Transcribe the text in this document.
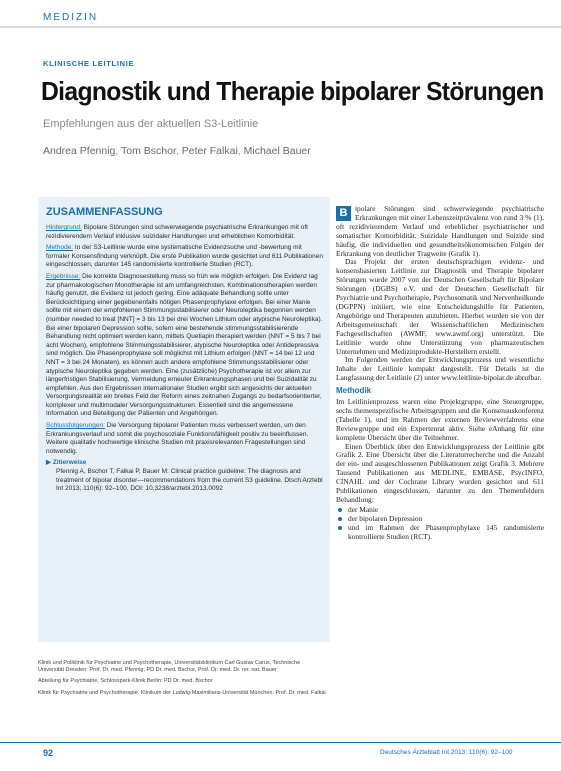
MEDIZIN
KLINISCHE LEITLINIE
Diagnostik und Therapie bipolarer Störungen
Empfehlungen aus der aktuellen S3-Leitlinie
Andrea Pfennig, Tom Bschor, Peter Falkai, Michael Bauer
ZUSAMMENFASSUNG

Hintergrund: Bipolare Störungen sind schwerwiegende psychiatrische Erkrankungen mit oft rezidivierendem Verlauf inklusive suizidaler Handlungen und erheblichen Komorbidität.

Methode: In der S3-Leitlinie wurde eine systematische Evidenzsuche und -bewertung mit formaler Konsensfindung verknüpft. Die erste Publikation wurde gesichtet und 611 Publikationen eingeschlossen, darunter 145 randomisierte kontrollierte Studien (RCT).

Ergebnisse: Die korrekte Diagnosestellung muss so früh wie möglich erfolgen. Die Evidenz lag zur pharmakologischen Monotherapie ist am umfangreichsten. Kombinationstherapien werden häufig genutzt, die Evidenz ist jedoch gering. Eine adäquate Behandlung sollte unter Berücksichtigung einer gegebenenfalls nötigen Phasenprophylaxe erfolgen. Bei einer Manie sollte mit einem der empfohlenen Stimmungsstabilisierer oder Neuroleptika begonnen werden (number needed to treat [NNT] = 3 bis 13 bei drei Wochen Lithium oder atypische Neuroleptika). Bei einer bipolaren Depression sollte, sofern eine bestehende stimmungsstabilisierende Behandlung nicht optimiert werden kann, mittels Quetiapin therapiert werden (NNT = 5 bis 7 bei acht Wochen), empfohlene Stimmungsstabilisierer, atypische Neuroleptika oder Antidepressiva sind möglich. Die Phasenprophylaxe soll möglichst mit Lithium erfolgen (NNT = 14 bei 12 und NNT = 3 bei 24 Monaten), es können auch andere empfohlene Stimmungsstabilisierer oder atypische Neuroleptika gegeben werden. Eine (zusätzliche) Psychotherapie ist vor allem zur längerfristigen Stabilisierung, Vermeidung erneuter Erkrankungsphasen und bei Suizidalität zu empfehlen. Aus den Ergebnissen internationaler Studien ergibt sich angesichts der aktuellen Versorgungsrealität ein breites Feld der Reform eines zeitnahen Zugangs zu bedarfsorientierter, komplexer und multimodaler Versorgungsstrukturen. Essentiell sind die angemessene Information und Beteiligung der Patienten und Angehörigen.

Schlussfolgerungen: Die Versorgung bipolarer Patienten muss verbessert werden, um den Erkrankungsverlauf und somit die psychosoziale Funktionsfähigkeit positiv zu beeinflussen. Weitere qualitativ hochwertige klinische Studien mit praxisrelevanten Fragestellungen sind notwendig.

▶ Zitierweise
Pfennig A, Bschor T, Falkai P, Bauer M: Clinical practice guideline: The diagnosis and treatment of bipolar disorder—recommendations from the current S3 guideline. Dtsch Arztebl Int 2013; 110(6): 92–100. DOI: 10.3238/arztebl.2013.0092

Klinik und Poliklinik für Psychiatrie und Psychotherapie, Universitätsklinikum Carl Gustav Carus, Technische Universität Dresden: Prof. Dr. med. Pfennig, PD Dr. med. Bschor, Prof. Dr. med. Dr. rer. nat. Bauer

Abteilung für Psychiatrie, Schlosspark-Klinik Berlin: PD Dr. med. Bschor

Klinik für Psychiatrie und Psychotherapie, Klinikum der Ludwig-Maximilians-Universität München: Prof. Dr. med. Falkai

B	ipolare Störungen sind schwerwiegende psychiatrische Erkrankungen mit einer Lebenszeitprävalenz von rund 3 % (1), oft rezidivierendem Verlauf und erheblicher psychiatrischer und somatischer Komorbidität. Suizidale Handlungen und Suizide sind häufig, die individuellen und gesundheitsökonomischen Folgen der Erkrankung von deutlicher Tragweite (Grafik 1).

Das Projekt der ersten deutschsprachigen evidenz- und konsensbasierten Leitlinie zur Diagnostik und Therapie bipolarer Störungen wurde 2007 von der Deutschen Gesellschaft für Bipolare Störungen (DGBS) e.V. und der Deutschen Gesellschaft für Psychiatrie und Psychotherapie, Psychosomatik und Nervenheilkunde (DGPPN) initiiert, wie eine Entscheidungshilfe für Patienten, Angehörige und Therapeuten anzubieten. Hierbei wurden sie von der Arbeitsgemeinschaft der Wissenschaftlichen Medizinischen Fachgesellschaften (AWMF, www.awmf.org) unterstützt. Die Leitlinie wurde ohne Unterstützung von pharmazeutischen Unternehmen und Medizinprodukte-Herstellern erstellt.

Im Folgenden werden der Entwicklungsprozess und wesentliche Inhalte der Leitlinie kompakt dargestellt. Für Details ist die Langfassung der Leitlinie (2) unter www.leitlinie-bipolar.de abrufbar.

Methodik

Im Leitlinienprozess waren eine Projektgruppe, eine Steuergruppe, sechs themenspezifische Arbeitsgruppen und die Konsensuskonferenz (Tabelle 1), und im Rahmen der externen Reviewverfahrens eine Reviewgruppe und ein Expertenrat aktiv. Siehe eAnhang für eine komplette Übersicht über die Teilnehmer.

Einen Überblick über den Entwicklungsprozess der Leitlinie gibt Grafik 2. Eine Übersicht über die Literaturrecherche und die Anzahl der ein- und ausgeschlossenen Publikationen zeigt Grafik 3. Mehrere Tausend Publikationen aus MEDLINE, EMBASE, PsycINFO, CINAHL und der Cochrane Library wurden gesichtet und 611 Publikationen eingeschlossen, darunter zu den Themenfeldern Behandlung:

der Manie
der bipolaren Depression
und im Rahmen der Phasenprophylaxe 145 randomisierte kontrollierte Studien (RCT).
92	Deutsches Ärzteblatt Int 2013; 110(6): 92–100
